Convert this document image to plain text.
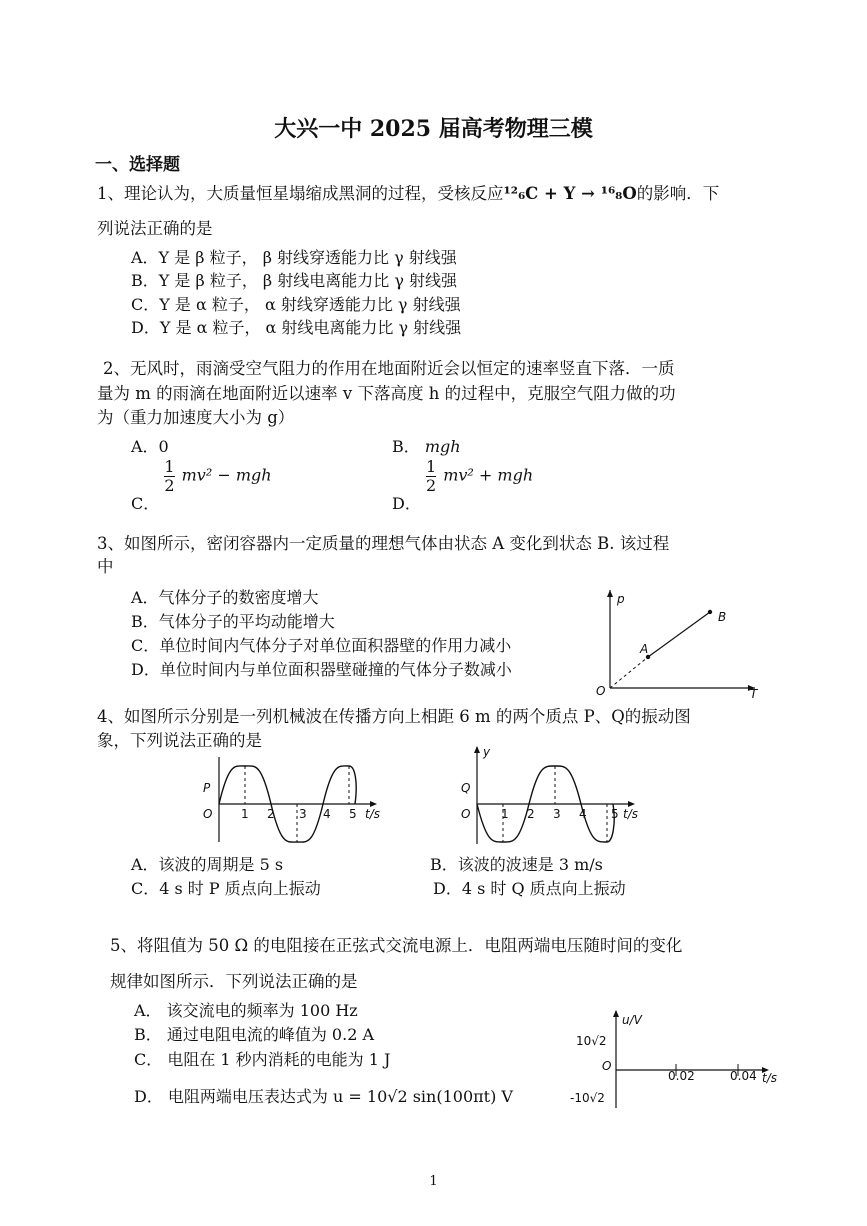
大兴一中 2025 届高考物理三模
一、选择题
1、理论认为，大质量恒星塌缩成黑洞的过程，受核反应¹²₆C + Y → ¹⁶₈O的影响．下
列说法正确的是
A．Y 是 β 粒子， β 射线穿透能力比 γ 射线强
B．Y 是 β 粒子， β 射线电离能力比 γ 射线强
C．Y 是 α 粒子， α 射线穿透能力比 γ 射线强
D．Y 是 α 粒子， α 射线电离能力比 γ 射线强
2、无风时，雨滴受空气阻力的作用在地面附近会以恒定的速率竖直下落．一质
量为 m 的雨滴在地面附近以速率 v 下落高度 h 的过程中，克服空气阻力做的功
为（重力加速度大小为 g）
A．0	B． mgh
C．
$\frac{1}{2} mv^2$ − mgh
D．
$\frac{1}{2} mv^2$ + mgh
3、如图所示，密闭容器内一定质量的理想气体由状态 A 变化到状态 B. 该过程
中
A．气体分子的数密度增大
B．气体分子的平均动能增大
C．单位时间内气体分子对单位面积器壁的作用力减小
D．单位时间内与单位面积器壁碰撞的气体分子数减小
p
T
O
A
B
4、如图所示分别是一列机械波在传播方向上相距 6 m 的两个质点 P、Q的振动图
象，下列说法正确的是
P
O 1 2 3 4 5 t/s
y
Q
O	1 2 3 4 5 t/s
A．该波的周期是 5 s	B．该波的波速是 3 m/s
C．4 s 时 P 质点向上振动	D．4 s 时 Q 质点向上振动
5、将阻值为 50 Ω 的电阻接在正弦式交流电源上．电阻两端电压随时间的变化
规律如图所示．下列说法正确的是
A． 该交流电的频率为 100 Hz
B． 通过电阻电流的峰值为 0.2 A
C． 电阻在 1 秒内消耗的电能为 1 J
D． 电阻两端电压表达式为 u = 10√2 sin(100πt) V
u/V
10√2
O
-10√2
0.02	0.04 t/s
1
